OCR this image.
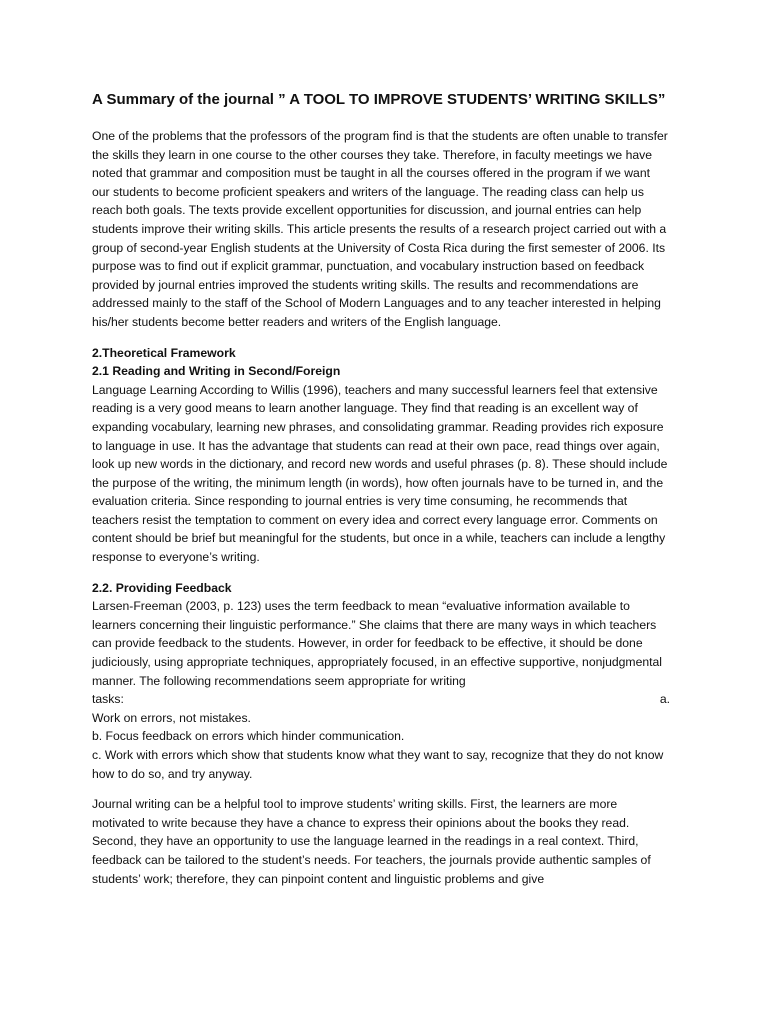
A Summary of the journal ” A TOOL TO IMPROVE STUDENTS’ WRITING SKILLS”

One of the problems that the professors of the program find is that the students are often unable to transfer the skills they learn in one course to the other courses they take. Therefore, in faculty meetings we have noted that grammar and composition must be taught in all the courses offered in the program if we want our students to become proficient speakers and writers of the language. The reading class can help us reach both goals. The texts provide excellent opportunities for discussion, and journal entries can help students improve their writing skills. This article presents the results of a research project carried out with a group of second-year English students at the University of Costa Rica during the first semester of 2006. Its purpose was to find out if explicit grammar, punctuation, and vocabulary instruction based on feedback provided by journal entries improved the students writing skills. The results and recommendations are addressed mainly to the staff of the School of Modern Languages and to any teacher interested in helping his/her students become better readers and writers of the English language.

2.Theoretical Framework

2.1 Reading and Writing in Second/Foreign

Language Learning According to Willis (1996), teachers and many successful learners feel that extensive reading is a very good means to learn another language. They find that reading is an excellent way of expanding vocabulary, learning new phrases, and consolidating grammar. Reading provides rich exposure to language in use. It has the advantage that students can read at their own pace, read things over again, look up new words in the dictionary, and record new words and useful phrases (p. 8). These should include the purpose of the writing, the minimum length (in words), how often journals have to be turned in, and the evaluation criteria. Since responding to journal entries is very time consuming, he recommends that teachers resist the temptation to comment on every idea and correct every language error. Comments on content should be brief but meaningful for the students, but once in a while, teachers can include a lengthy response to everyone’s writing.

2.2. Providing Feedback

Larsen-Freeman (2003, p. 123) uses the term feedback to mean “evaluative information available to learners concerning their linguistic performance.” She claims that there are many ways in which teachers can provide feedback to the students. However, in order for feedback to be effective, it should be done judiciously, using appropriate techniques, appropriately focused, in an effective supportive, nonjudgmental manner. The following recommendations seem appropriate for writing

tasks:	a.

Work on errors, not mistakes.

b. Focus feedback on errors which hinder communication.

c. Work with errors which show that students know what they want to say, recognize that they do not know how to do so, and try anyway.

Journal writing can be a helpful tool to improve students’ writing skills. First, the learners are more motivated to write because they have a chance to express their opinions about the books they read. Second, they have an opportunity to use the language learned in the readings in a real context. Third, feedback can be tailored to the student’s needs. For teachers, the journals provide authentic samples of students’ work; therefore, they can pinpoint content and linguistic problems and give
